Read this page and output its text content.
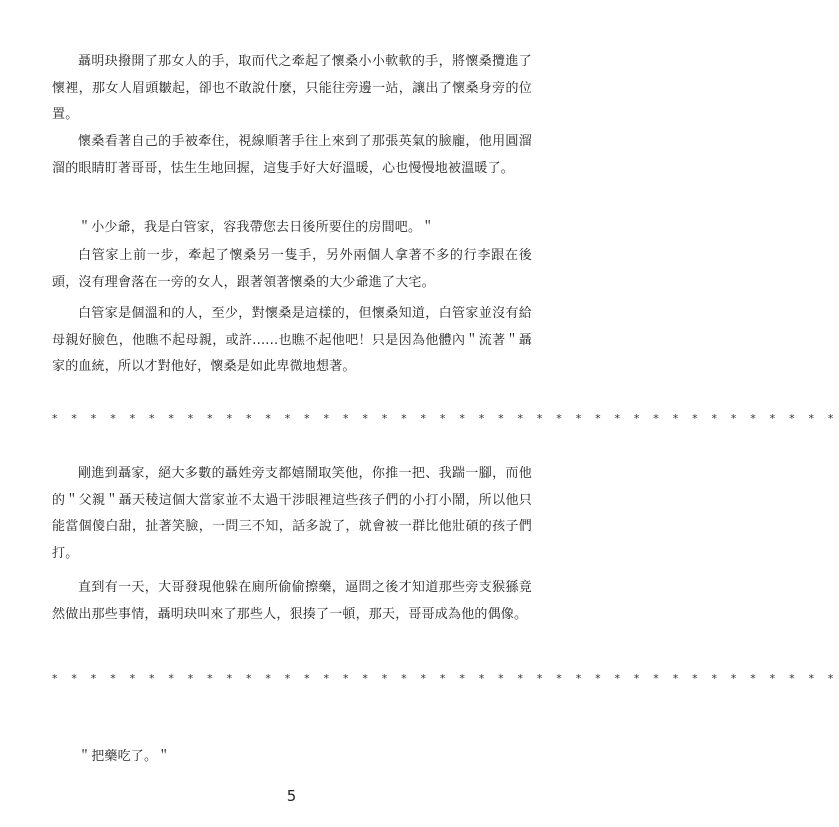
聶明玦撥開了那女人的手，取而代之牽起了懷桑小小軟軟的手，將懷桑攬進了懷裡，那女人眉頭皺起，卻也不敢說什麼，只能往旁邊一站，讓出了懷桑身旁的位置。

懷桑看著自己的手被牽住，視線順著手往上來到了那張英氣的臉龐，他用圓溜溜的眼睛盯著哥哥，怯生生地回握，這隻手好大好溫暖，心也慢慢地被溫暖了。

＂小少爺，我是白管家，容我帶您去日後所要住的房間吧。＂

白管家上前一步，牽起了懷桑另一隻手，另外兩個人拿著不多的行李跟在後頭，沒有理會落在一旁的女人，跟著領著懷桑的大少爺進了大宅。

白管家是個溫和的人，至少，對懷桑是這樣的，但懷桑知道，白管家並沒有給母親好臉色，他瞧不起母親，或許......也瞧不起他吧！只是因為他體內＂流著＂聶家的血統，所以才對他好，懷桑是如此卑微地想著。

* * * * * * * * * * * * * * * * * * * * * * * * * * * * * * * * * * * * * * * * *

剛進到聶家，絕大多數的聶姓旁支都嬉鬧取笑他，你推一把、我踹一腳，而他的＂父親＂聶天稜這個大當家並不太過干涉眼裡這些孩子們的小打小鬧，所以他只能當個傻白甜，扯著笑臉，一問三不知，話多說了，就會被一群比他壯碩的孩子們打。

直到有一天，大哥發現他躲在廁所偷偷擦藥，逼問之後才知道那些旁支猴猻竟然做出那些事情，聶明玦叫來了那些人，狠揍了一頓，那天，哥哥成為他的偶像。

* * * * * * * * * * * * * * * * * * * * * * * * * * * * * * * * * * * * * * * * *

＂把藥吃了。＂

5
